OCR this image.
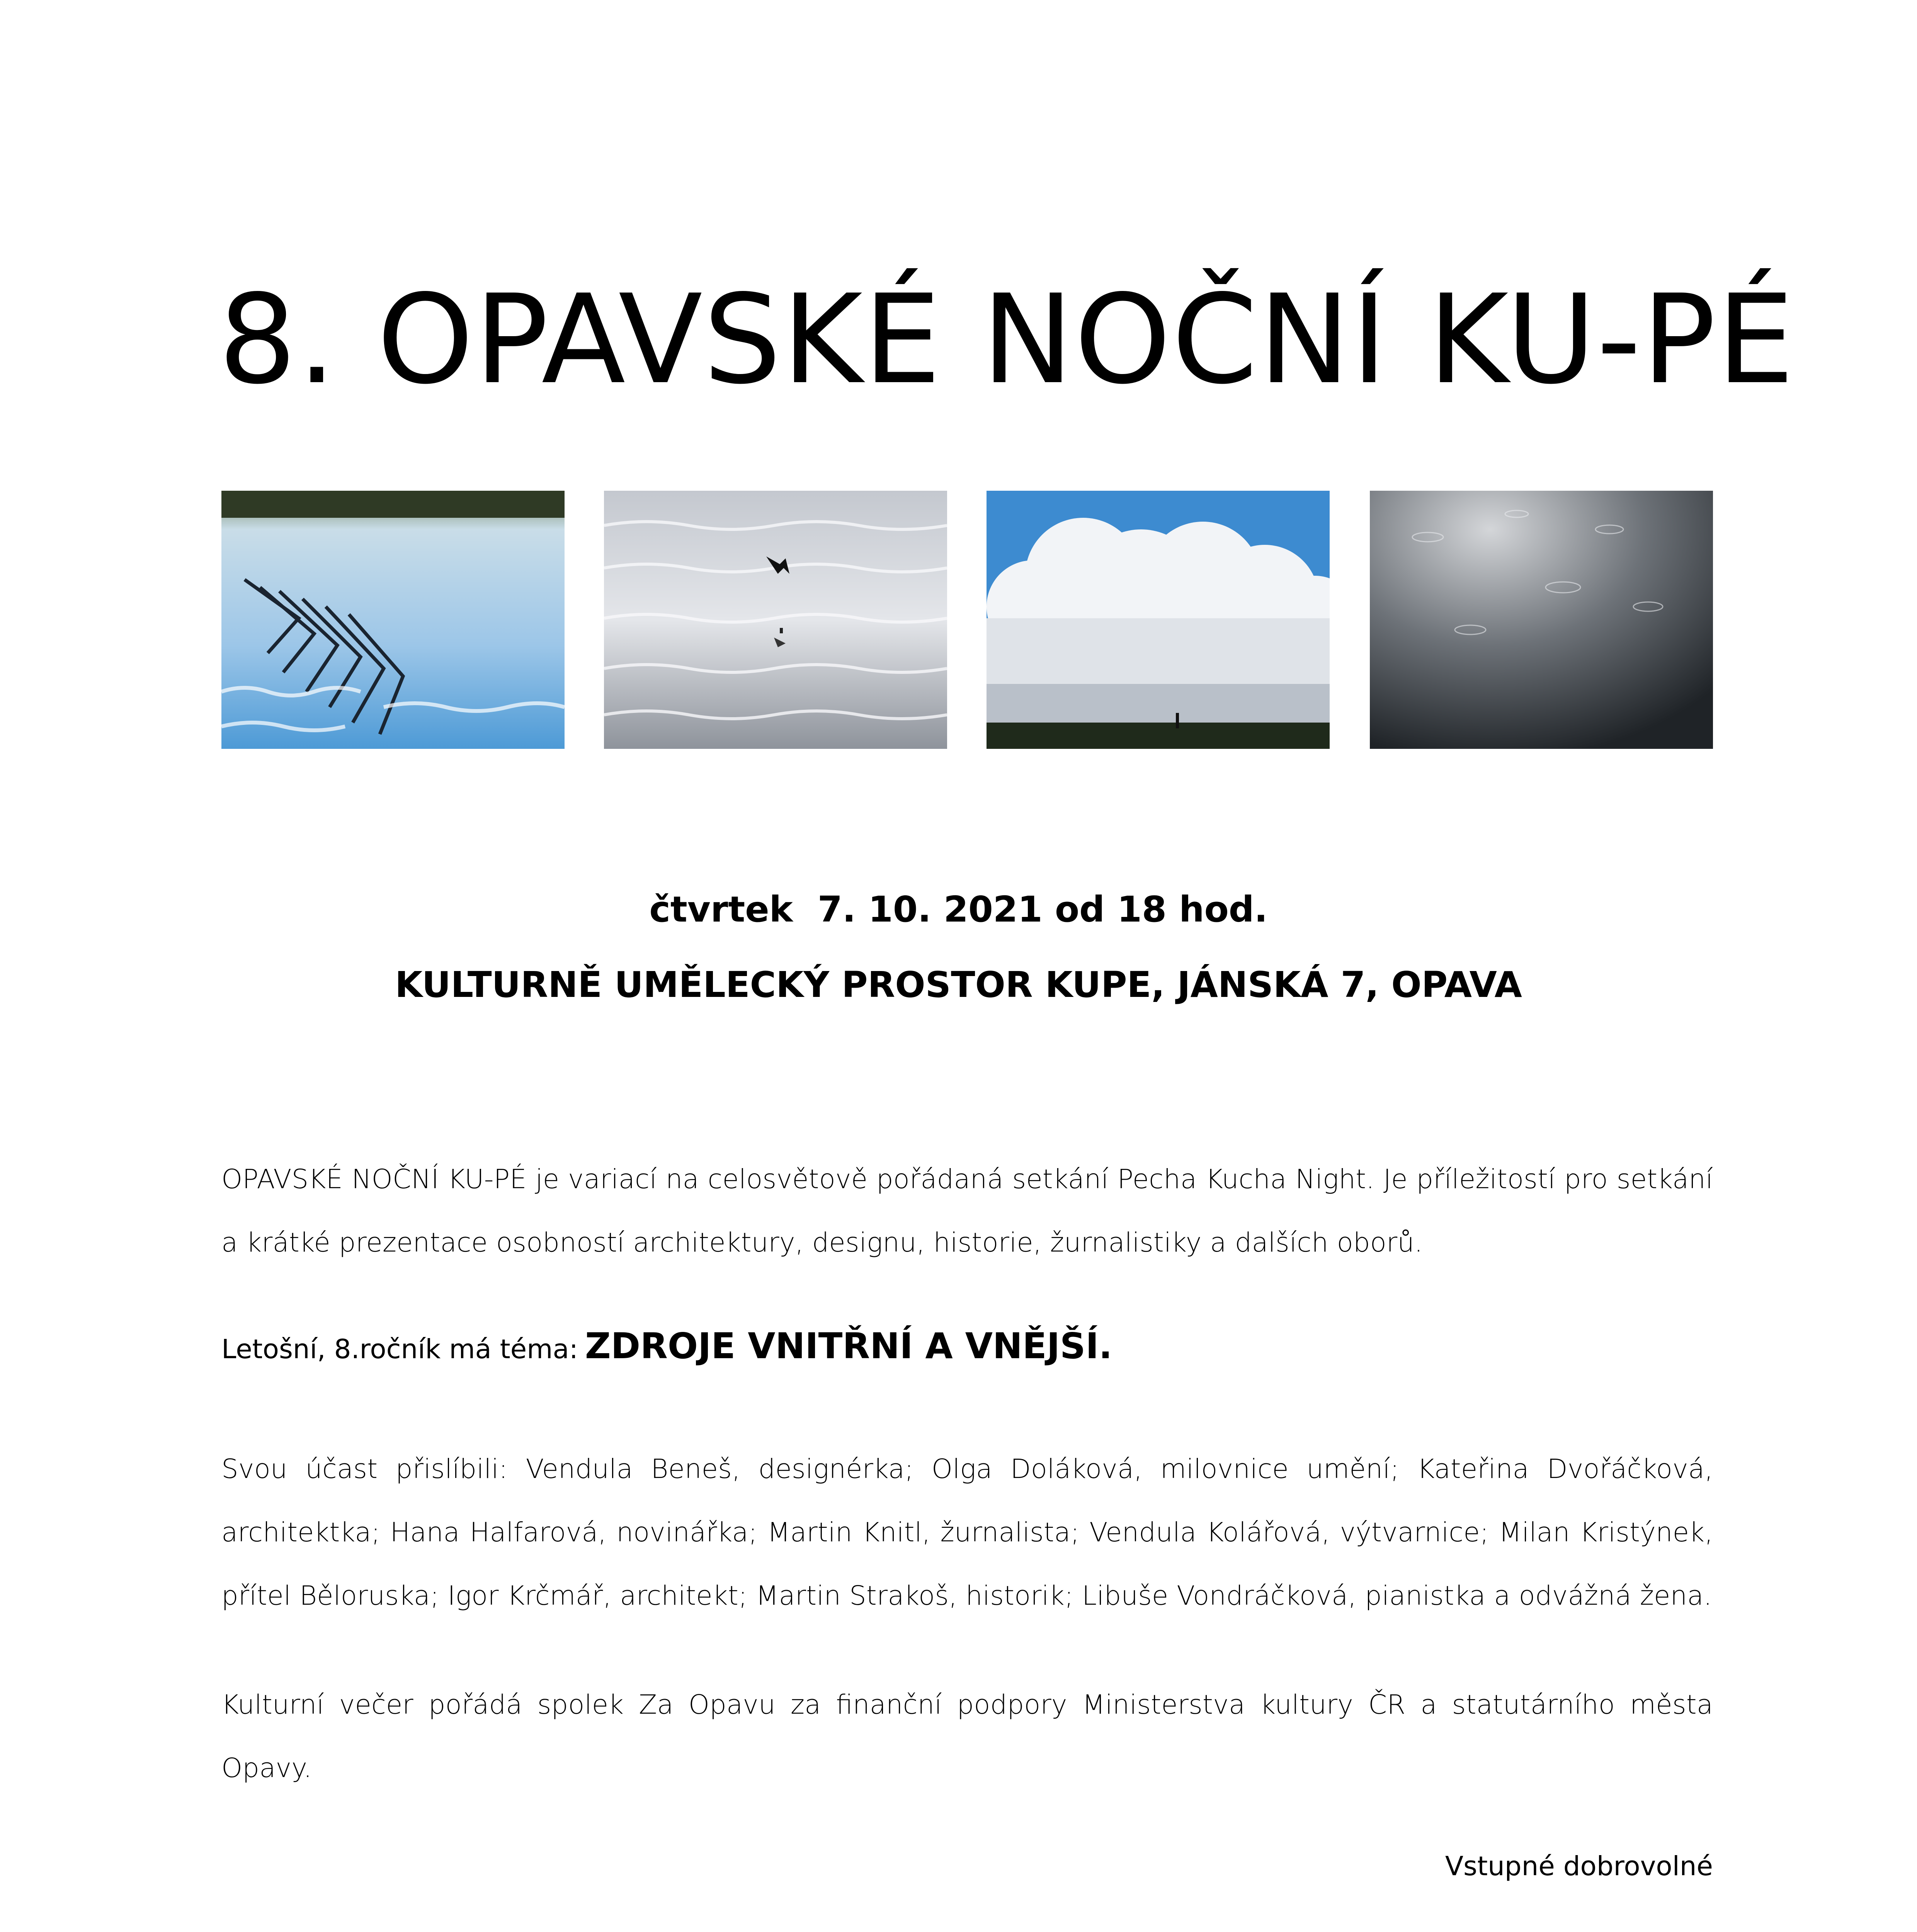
8. OPAVSKÉ NOČNÍ KU-PÉ
čtvrtek  7. 10. 2021 od 18 hod.
KULTURNĚ UMĚLECKÝ PROSTOR KUPE, JÁNSKÁ 7, OPAVA
OPAVSKÉ NOČNÍ KU-PÉ je variací na celosvětově pořádaná setkání Pecha Kucha Night. Je příležitostí pro setkání a krátké prezentace osobností architektury, designu, historie, žurnalistiky a dalších oborů.
Letošní, 8.ročník má téma: ZDROJE VNITŘNÍ A VNĚJŠÍ.
Svou účast přislíbili: Vendula Beneš, designérka; Olga Doláková, milovnice umění; Kateřina Dvořáčková, architektka; Hana Halfarová, novinářka; Martin Knitl, žurnalista; Vendula Kolářová, výtvarnice; Milan Kristýnek, přítel Běloruska; Igor Krčmář, architekt; Martin Strakoš, historik; Libuše Vondráčková, pianistka a odvážná žena.
Kulturní večer pořádá spolek Za Opavu za finanční podpory Ministerstva kultury ČR a statutárního města Opavy.
Vstupné dobrovolné
